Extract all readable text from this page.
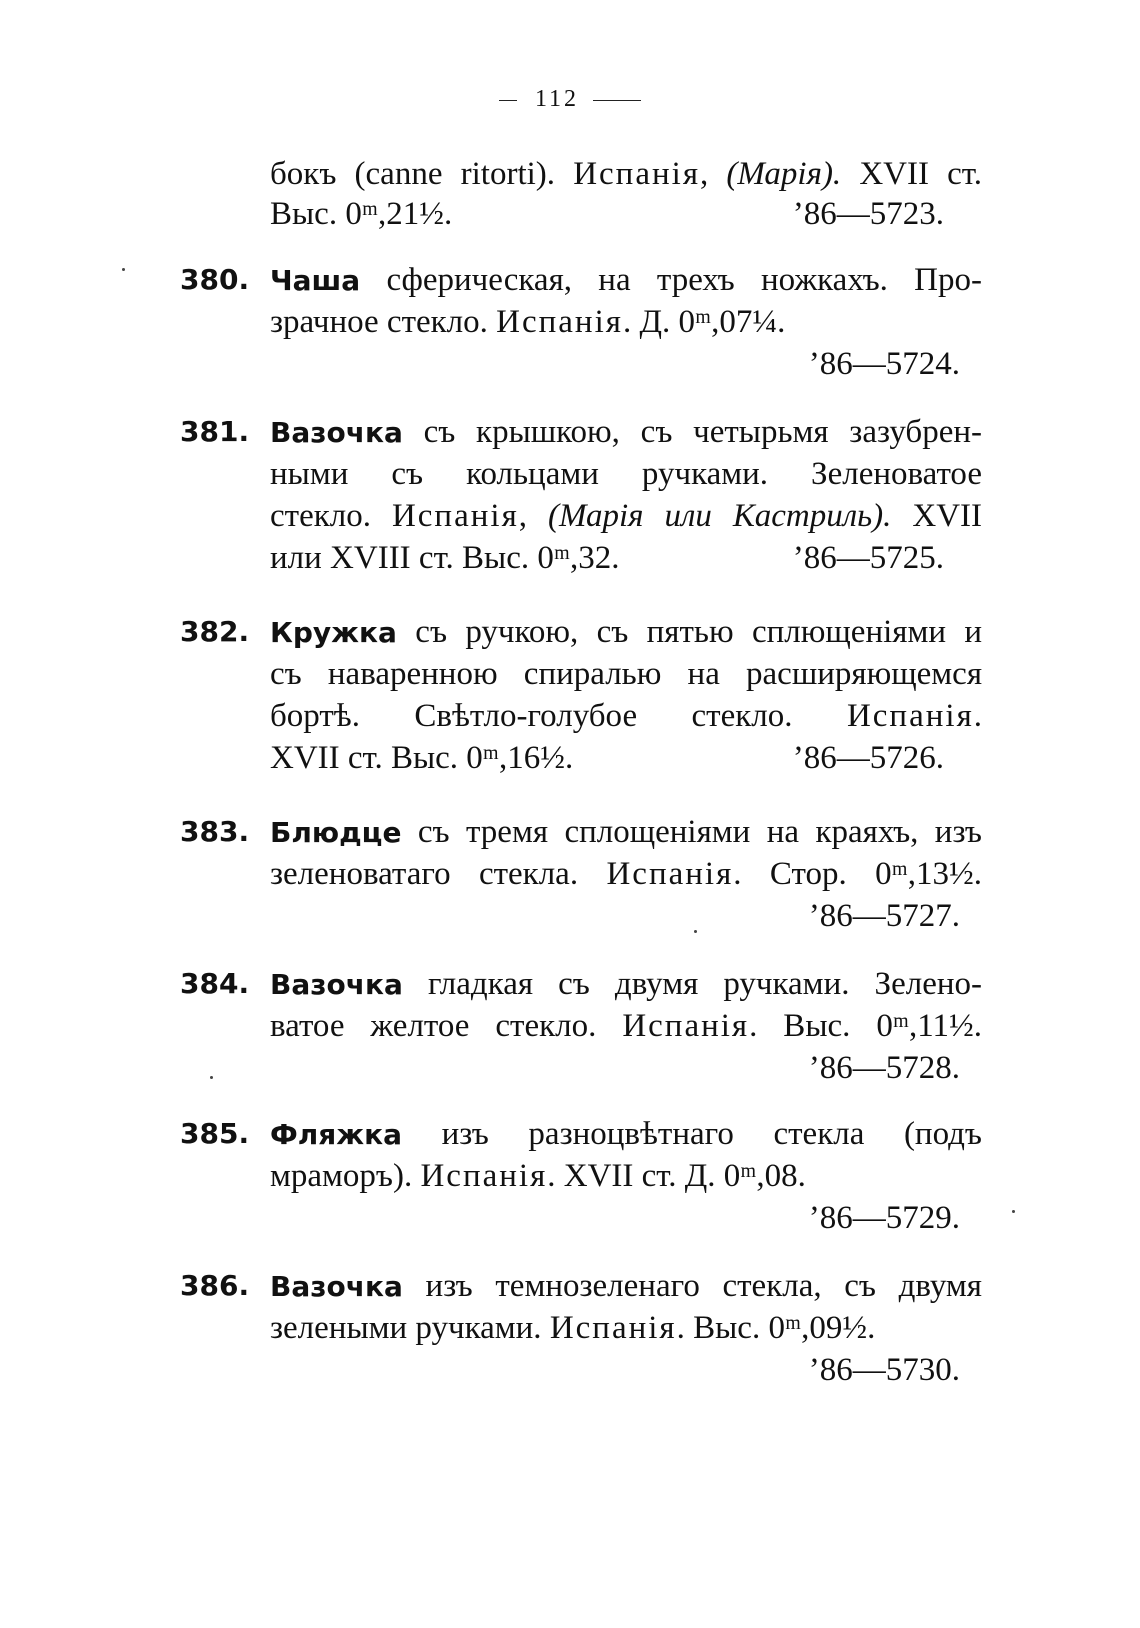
112
бокъ (canne ritorti). Испанія, (Марія). XVII ст.
Выс. 0ᵐ,21½.	’86—5723.
380. Чаша сферическая, на трехъ ножкахъ. Про-
зрачное стекло. Испанія. Д. 0ᵐ,07¼.
’86—5724.
381. Вазочка съ крышкою, съ четырьмя зазубрен-
ными съ кольцами ручками. Зеленоватое
стекло. Испанія, (Марія или Кастриль). XVII
или XVIII ст. Выс. 0ᵐ,32.	’86—5725.
382. Кружка съ ручкою, съ пятью сплющеніями и
съ навареннoю спиралью на расширяющемся
бортѣ. Свѣтло-голубое стекло. Испанія.
XVII ст. Выс. 0ᵐ,16½.	’86—5726.
383. Блюдце съ тремя сплощеніями на краяхъ, изъ
зеленоватаго стекла. Испанія. Стор. 0ᵐ,13½.
’86—5727.
384. Вазочка гладкая съ двумя ручками. Зелено-
ватое желтое стекло. Испанія. Выс. 0ᵐ,11½.
’86—5728.
385. Фляжка изъ разноцвѣтнаго стекла (подъ
мраморъ). Испанія. XVII ст. Д. 0ᵐ,08.
’86—5729.
386. Вазочка изъ темнозеленаго стекла, съ двумя
зелеными ручками. Испанія. Выс. 0ᵐ,09½.
’86—5730.
